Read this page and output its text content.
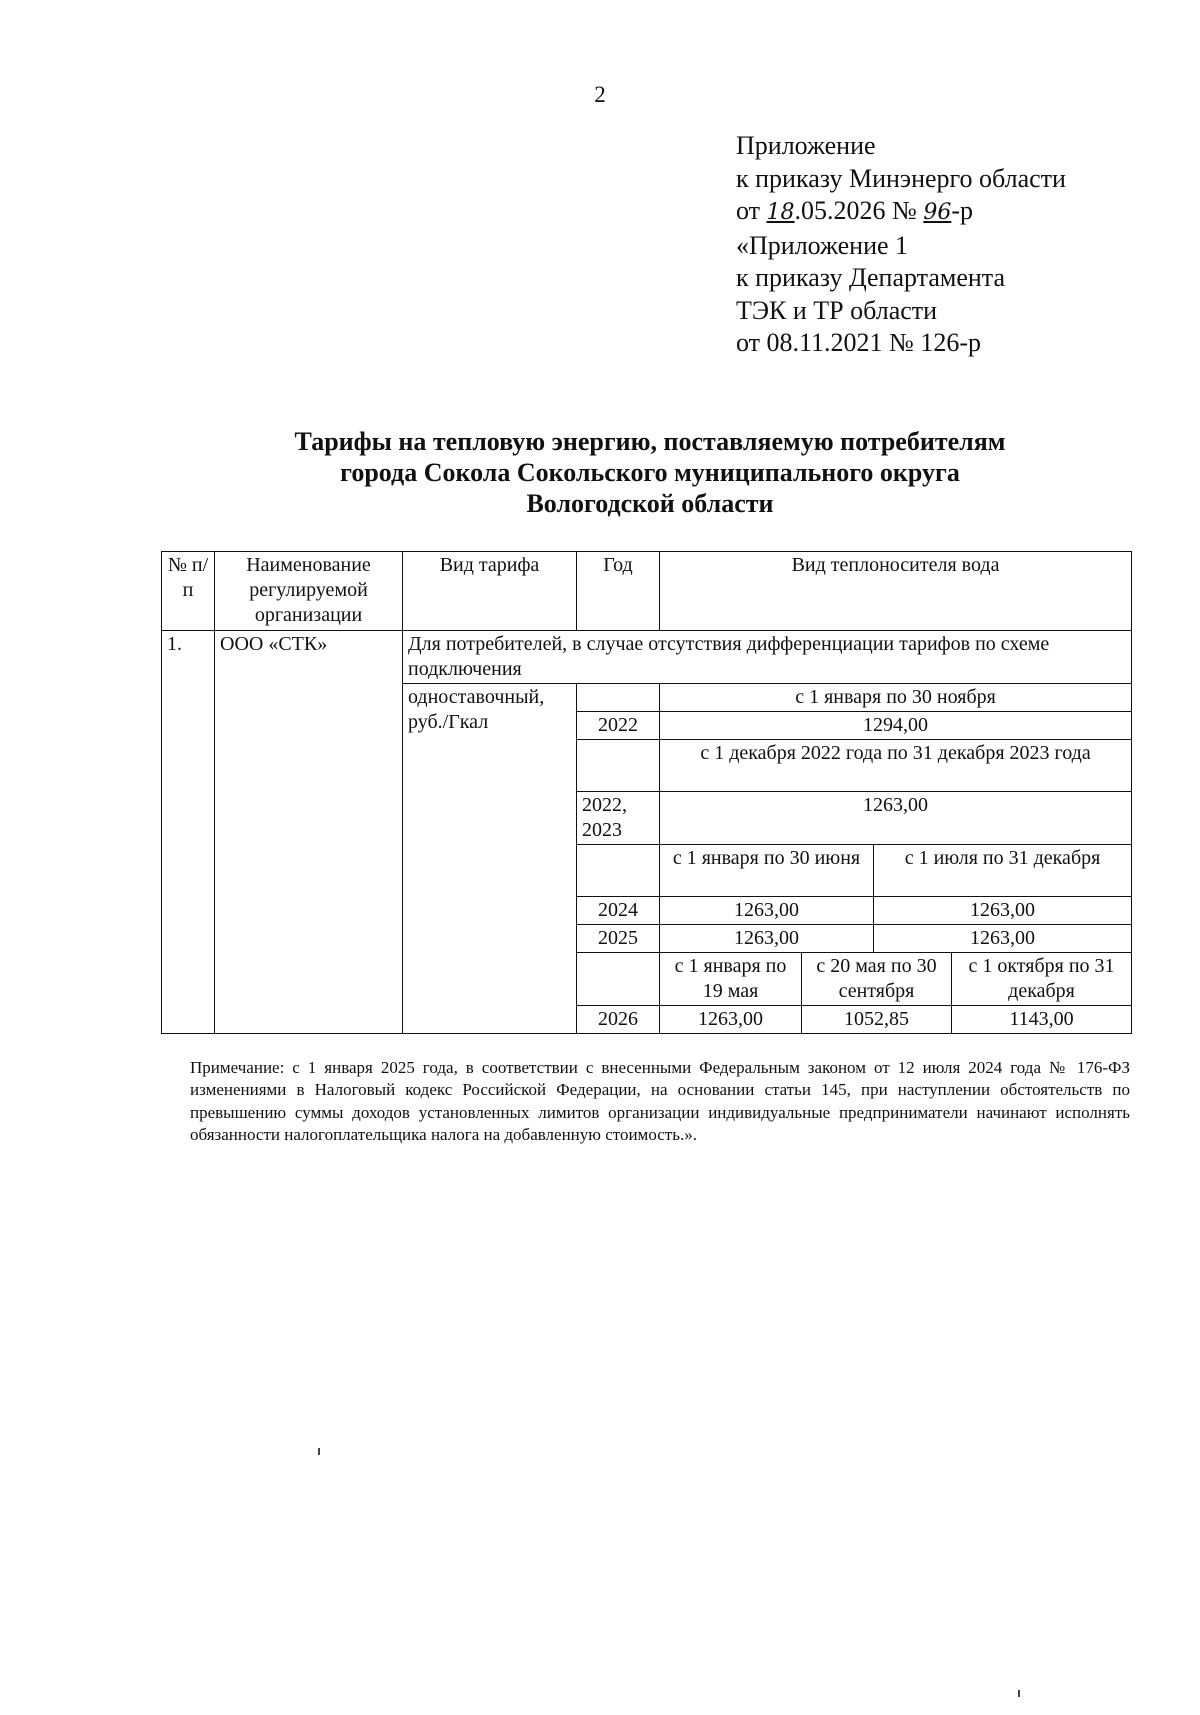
2
Приложение
к приказу Минэнерго области
от 18.05.2026 № 96-р
«Приложение 1
к приказу Департамента
ТЭК и ТР области
от 08.11.2021 № 126-р
Тарифы на тепловую энергию, поставляемую потребителям
города Сокола Сокольского муниципального округа
Вологодской области
№ п/п	Наименование регулируемой организации	Вид тарифа	Год	Вид теплоносителя вода			
1.	ООО «СТК»	Для потребителей, в случае отсутствия дифференциации тарифов по схеме подключения					
		одноставочный, руб./Гкал		с 1 января по 30 ноября			
			2022	1294,00			
				с 1 декабря 2022 года по 31 декабря 2023 года			
			2022, 2023	1263,00			
				с 1 января по 30 июня		с 1 июля по 31 декабря	
			2024	1263,00		1263,00	
			2025	1263,00		1263,00	
				с 1 января по 19 мая	с 20 мая по 30 сентября		с 1 октября по 31 декабря
			2026	1263,00	1052,85		1143,00
Примечание: с 1 января 2025 года, в соответствии с внесенными Федеральным законом от 12 июля 2024 года № 176-ФЗ изменениями в Налоговый кодекс Российской Федерации, на основании статьи 145, при наступлении обстоятельств по превышению суммы доходов установленных лимитов организации индивидуальные предприниматели начинают исполнять обязанности налогоплательщика налога на добавленную стоимость.».
